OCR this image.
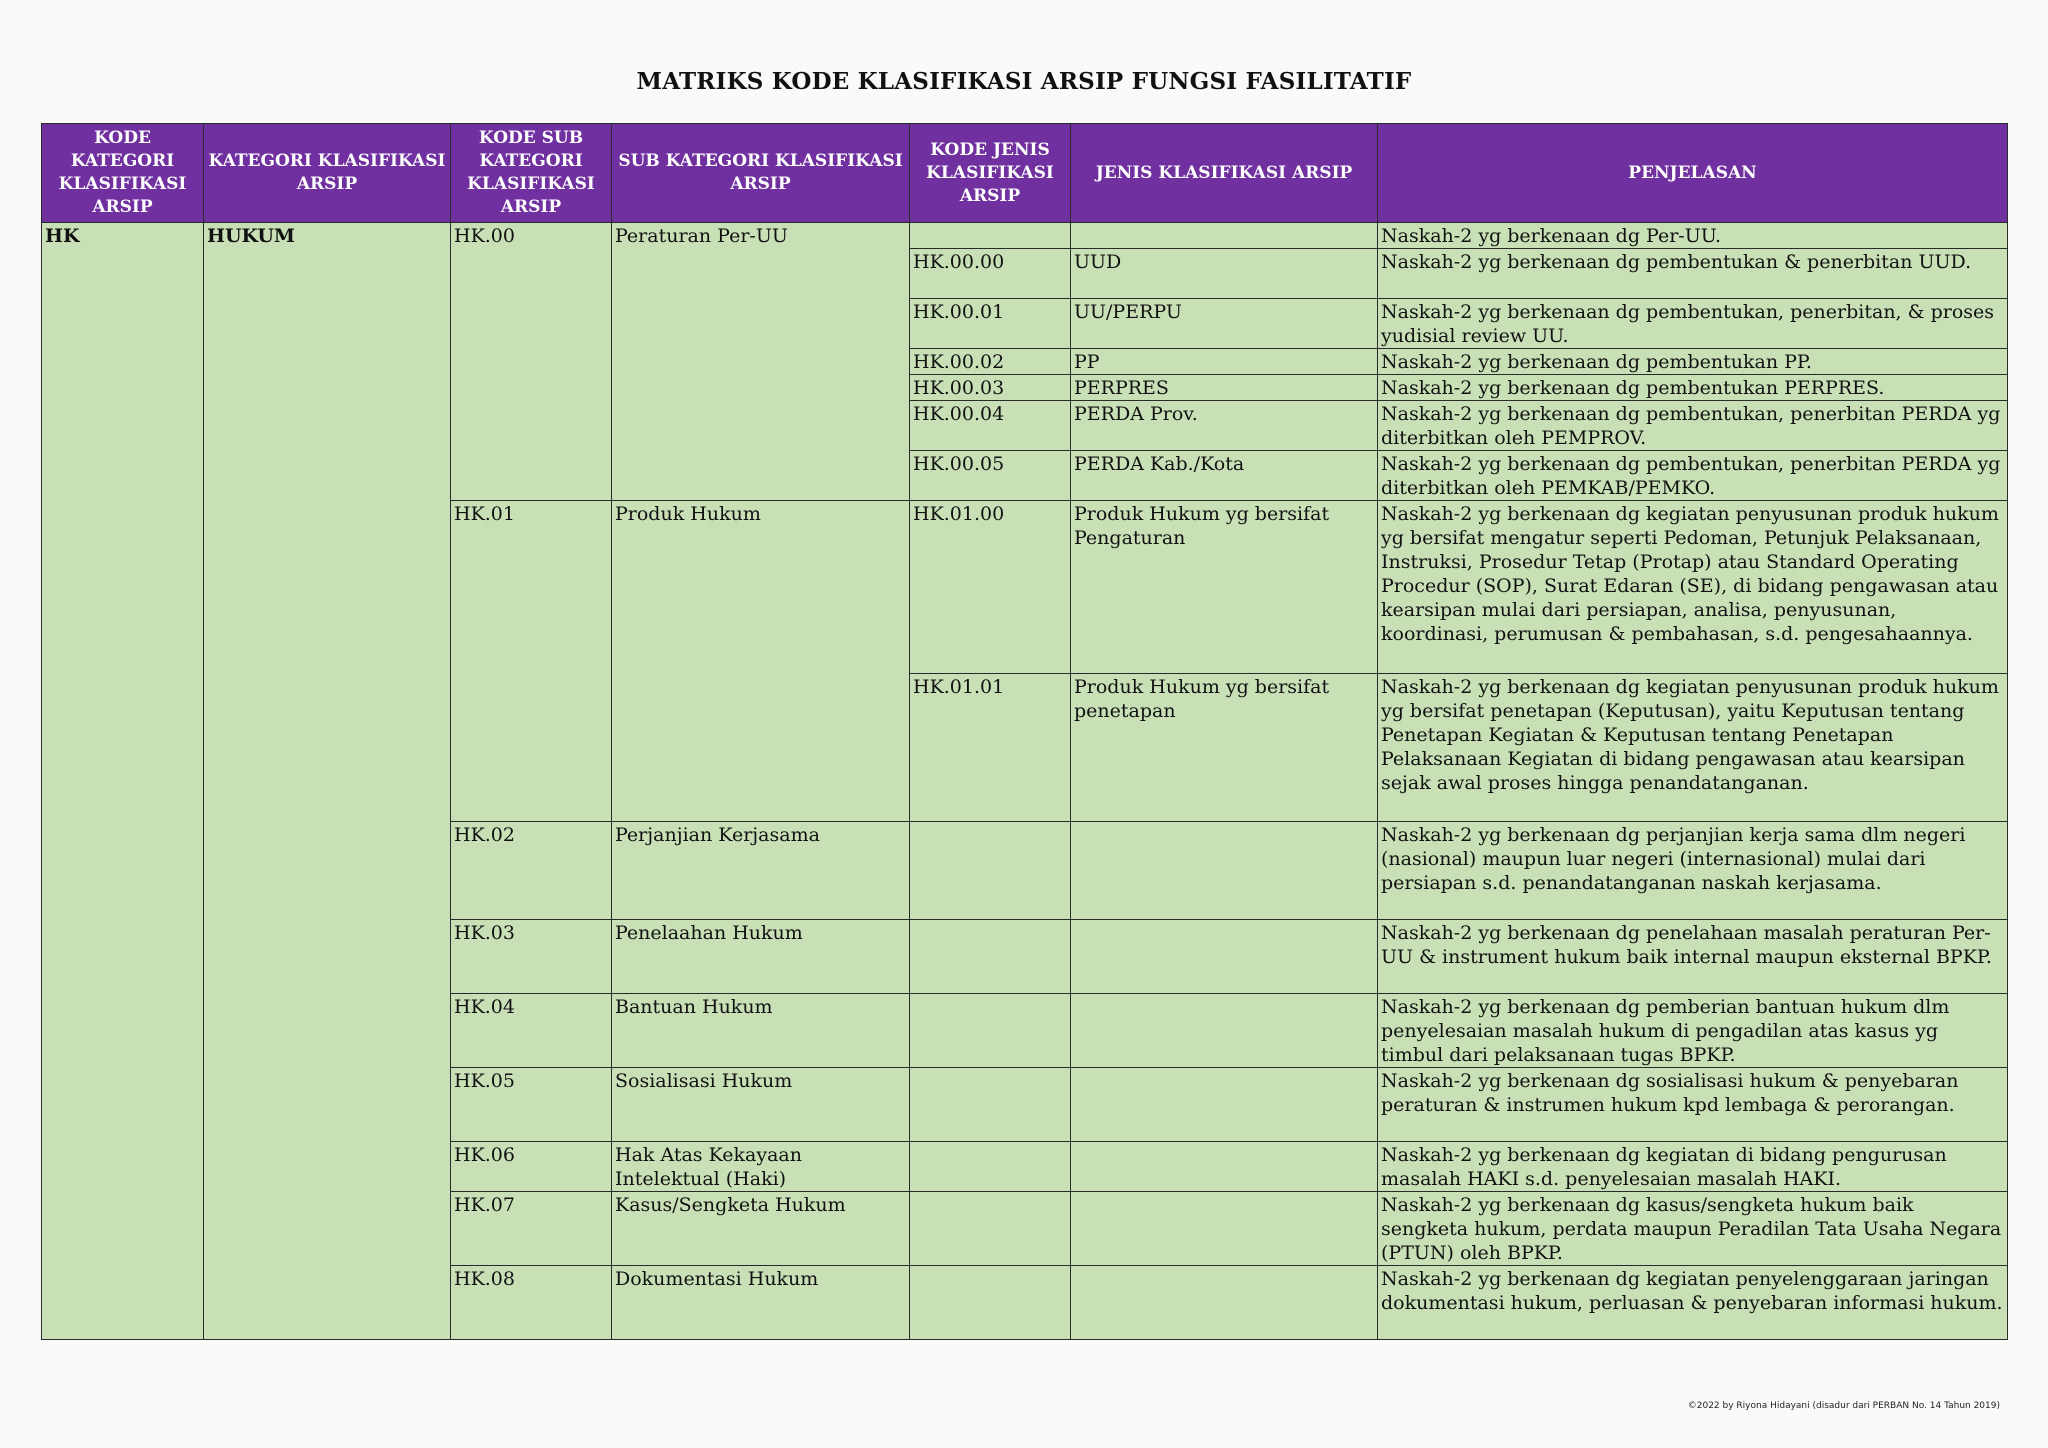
MATRIKS KODE KLASIFIKASI ARSIP FUNGSI FASILITATIF
KODE KATEGORI KLASIFIKASI ARSIP	KATEGORI KLASIFIKASI ARSIP	KODE SUB KATEGORI KLASIFIKASI ARSIP	SUB KATEGORI KLASIFIKASI ARSIP	KODE JENIS KLASIFIKASI ARSIP	JENIS KLASIFIKASI ARSIP	PENJELASAN
HK	HUKUM	HK.00	Peraturan Per-UU			Naskah-2 yg berkenaan dg Per-UU.
				HK.00.00	UUD	Naskah-2 yg berkenaan dg pembentukan & penerbitan UUD.
				HK.00.01	UU/PERPU	Naskah-2 yg berkenaan dg pembentukan, penerbitan, & proses yudisial review UU.
				HK.00.02	PP	Naskah-2 yg berkenaan dg pembentukan PP.
				HK.00.03	PERPRES	Naskah-2 yg berkenaan dg pembentukan PERPRES.
				HK.00.04	PERDA Prov.	Naskah-2 yg berkenaan dg pembentukan, penerbitan PERDA yg diterbitkan oleh PEMPROV.
				HK.00.05	PERDA Kab./Kota	Naskah-2 yg berkenaan dg pembentukan, penerbitan PERDA yg diterbitkan oleh PEMKAB/PEMKO.
		HK.01	Produk Hukum	HK.01.00	Produk Hukum yg bersifat Pengaturan	Naskah-2 yg berkenaan dg kegiatan penyusunan produk hukum yg bersifat mengatur seperti Pedoman, Petunjuk Pelaksanaan, Instruksi, Prosedur Tetap (Protap) atau Standard Operating Procedur (SOP), Surat Edaran (SE), di bidang pengawasan atau kearsipan mulai dari persiapan, analisa, penyusunan, koordinasi, perumusan & pembahasan, s.d. pengesahaannya.
				HK.01.01	Produk Hukum yg bersifat penetapan	Naskah-2 yg berkenaan dg kegiatan penyusunan produk hukum yg bersifat penetapan (Keputusan), yaitu Keputusan tentang Penetapan Kegiatan & Keputusan tentang Penetapan Pelaksanaan Kegiatan di bidang pengawasan atau kearsipan sejak awal proses hingga penandatanganan.
		HK.02	Perjanjian Kerjasama			Naskah-2 yg berkenaan dg perjanjian kerja sama dlm negeri (nasional) maupun luar negeri (internasional) mulai dari persiapan s.d. penandatanganan naskah kerjasama.
		HK.03	Penelaahan Hukum			Naskah-2 yg berkenaan dg penelahaan masalah peraturan Per-UU & instrument hukum baik internal maupun eksternal BPKP.
		HK.04	Bantuan Hukum			Naskah-2 yg berkenaan dg pemberian bantuan hukum dlm penyelesaian masalah hukum di pengadilan atas kasus yg timbul dari pelaksanaan tugas BPKP.
		HK.05	Sosialisasi Hukum			Naskah-2 yg berkenaan dg sosialisasi hukum & penyebaran peraturan & instrumen hukum kpd lembaga & perorangan.
		HK.06	Hak Atas Kekayaan Intelektual (Haki)			Naskah-2 yg berkenaan dg kegiatan di bidang pengurusan masalah HAKI s.d. penyelesaian masalah HAKI.
		HK.07	Kasus/Sengketa Hukum			Naskah-2 yg berkenaan dg kasus/sengketa hukum baik sengketa hukum, perdata maupun Peradilan Tata Usaha Negara (PTUN) oleh BPKP.
		HK.08	Dokumentasi Hukum			Naskah-2 yg berkenaan dg kegiatan penyelenggaraan jaringan dokumentasi hukum, perluasan & penyebaran informasi hukum.
©2022 by Riyona Hidayani (disadur dari PERBAN No. 14 Tahun 2019)
